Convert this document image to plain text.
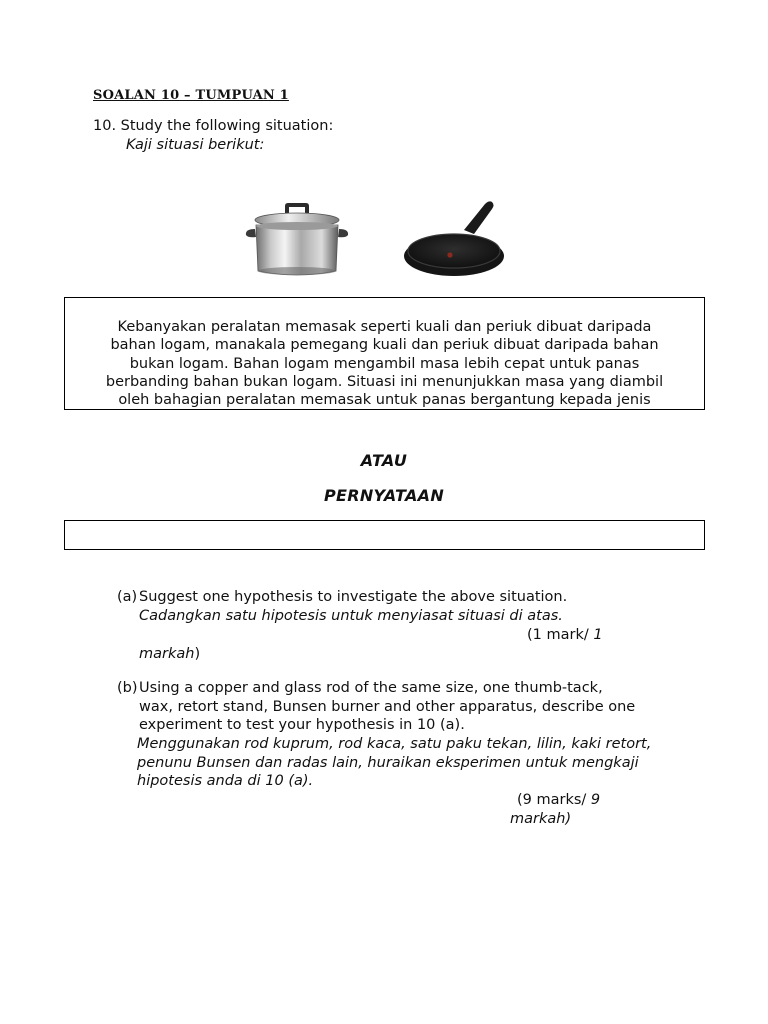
SOALAN 10 – TUMPUAN 1
10. Study the following situation:
Kaji situasi berikut:
Kebanyakan peralatan memasak seperti kuali dan periuk dibuat daripada
bahan logam, manakala pemegang kuali dan periuk dibuat daripada bahan
bukan logam. Bahan logam mengambil masa lebih cepat untuk panas
berbanding bahan bukan logam. Situasi ini menunjukkan masa yang diambil
oleh bahagian peralatan memasak untuk panas bergantung kepada jenis
ATAU
PERNYATAAN
(a) Suggest one hypothesis to investigate the above situation.
Cadangkan satu hipotesis untuk menyiasat situasi di atas.
(1 mark/ 1
markah)
(b) Using a copper and glass rod of the same size, one thumb-tack,
wax, retort stand, Bunsen burner and other apparatus, describe one
experiment to test your hypothesis in 10 (a).
Menggunakan rod kuprum, rod kaca, satu paku tekan, lilin, kaki retort,
penunu Bunsen dan radas lain, huraikan eksperimen untuk mengkaji
hipotesis anda di 10 (a).
(9 marks/ 9
markah)
